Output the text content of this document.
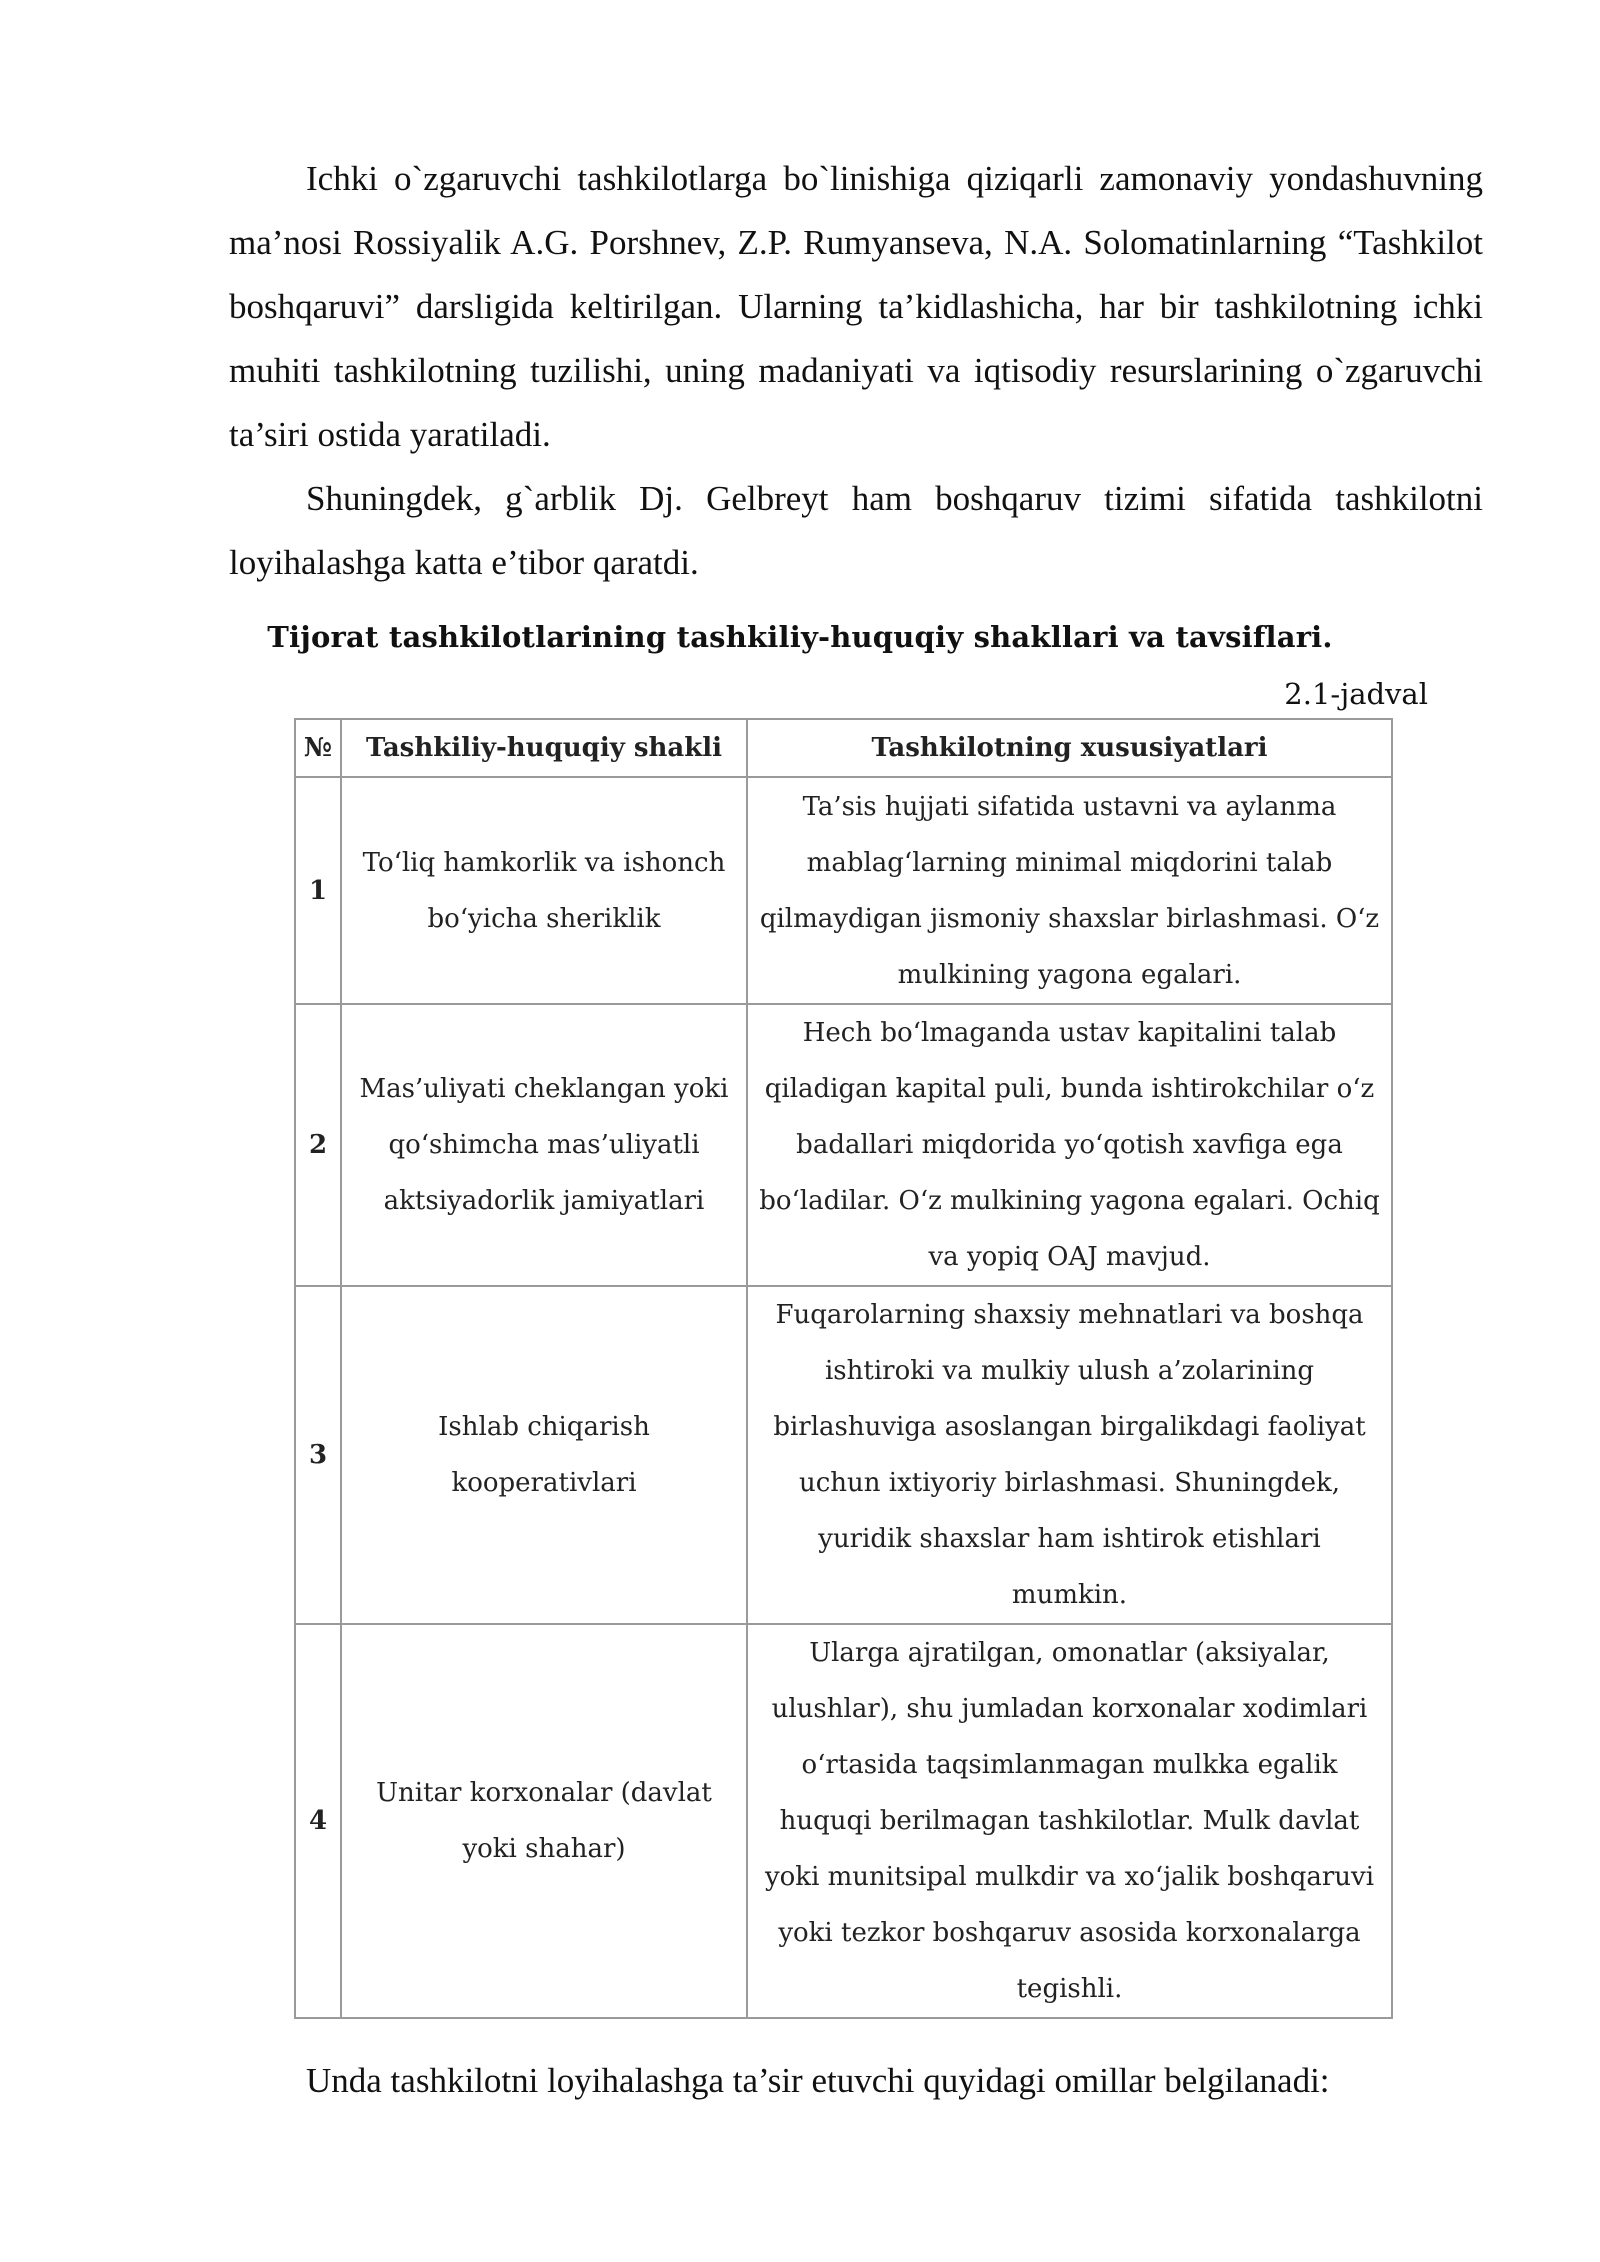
Ichki o`zgaruvchi tashkilotlarga bo`linishiga qiziqarli zamonaviy yondashuvning ma’nosi Rossiyalik A.G. Porshnev, Z.P. Rumyanseva, N.A. Solomatinlarning “Tashkilot boshqaruvi” darsligida keltirilgan. Ularning ta’kidlashicha, har bir tashkilotning ichki muhiti tashkilotning tuzilishi, uning madaniyati va iqtisodiy resurslarining o`zgaruvchi ta’siri ostida yaratiladi.

Shuningdek, g`arblik Dj. Gelbreyt ham boshqaruv tizimi sifatida tashkilotni loyihalashga katta e’tibor qaratdi.

Tijorat tashkilotlarining tashkiliy-huquqiy shakllari va tavsiflari.
2.1-jadval
№	Tashkiliy-huquqiy shakli	Tashkilotning xususiyatlari
1	To‘liq hamkorlik va ishonch bo‘yicha sheriklik	Ta’sis hujjati sifatida ustavni va aylanma mablag‘larning minimal miqdorini talab qilmaydigan jismoniy shaxslar birlashmasi. O‘z mulkining yagona egalari.
2	Mas’uliyati cheklangan yoki qo‘shimcha mas’uliyatli aktsiyadorlik jamiyatlari	Hech bo‘lmaganda ustav kapitalini talab qiladigan kapital puli, bunda ishtirokchilar o‘z badallari miqdorida yo‘qotish xavfiga ega bo‘ladilar. O‘z mulkining yagona egalari. Ochiq va yopiq OAJ mavjud.
3	Ishlab chiqarish kooperativlari	Fuqarolarning shaxsiy mehnatlari va boshqa ishtiroki va mulkiy ulush a’zolarining birlashuviga asoslangan birgalikdagi faoliyat uchun ixtiyoriy birlashmasi. Shuningdek, yuridik shaxslar ham ishtirok etishlari mumkin.
4	Unitar korxonalar (davlat yoki shahar)	Ularga ajratilgan, omonatlar (aksiyalar, ulushlar), shu jumladan korxonalar xodimlari o‘rtasida taqsimlanmagan mulkka egalik huquqi berilmagan tashkilotlar. Mulk davlat yoki munitsipal mulkdir va xo‘jalik boshqaruvi yoki tezkor boshqaruv asosida korxonalarga tegishli.

Unda tashkilotni loyihalashga ta’sir etuvchi quyidagi omillar belgilanadi:
